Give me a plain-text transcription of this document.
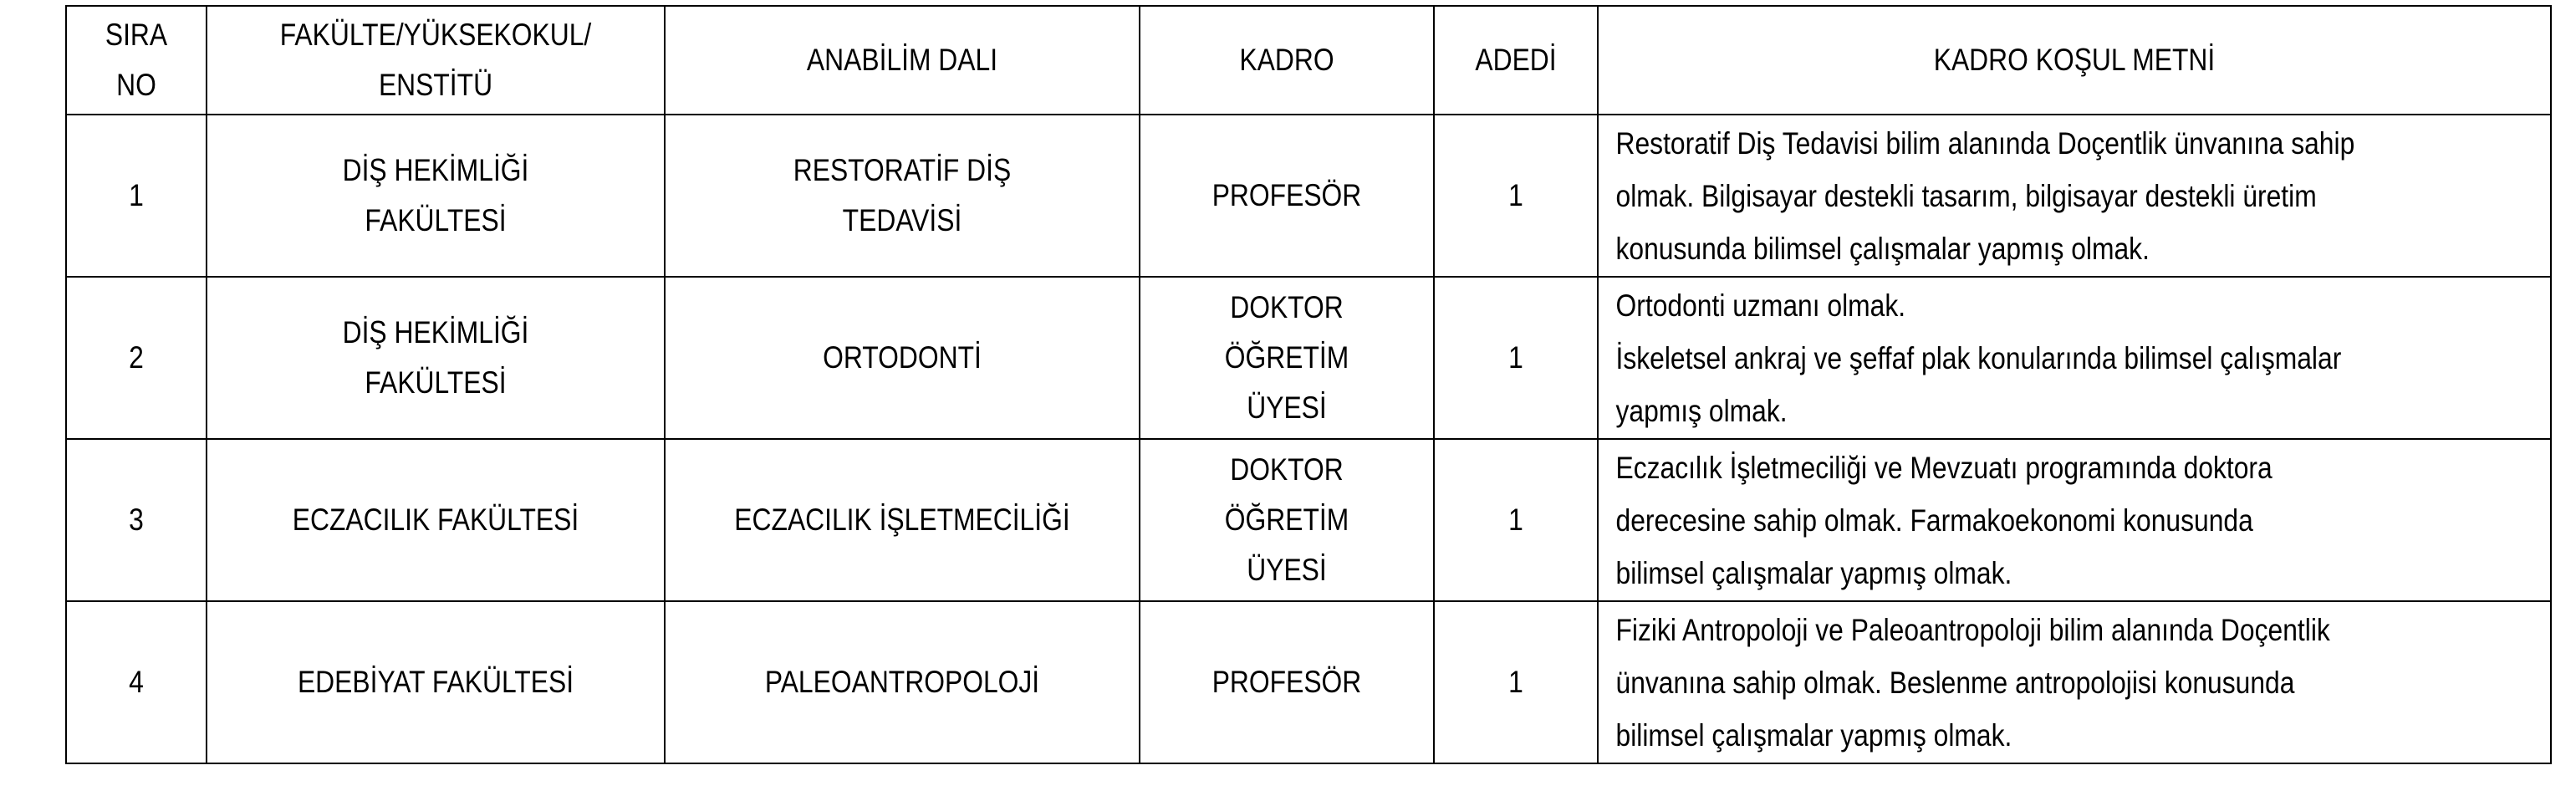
SIRA
NO	FAKÜLTE/YÜKSEKOKUL/
ENSTİTÜ	ANABİLİM DALI	KADRO	ADEDİ	KADRO KOŞUL METNİ
1	DİŞ HEKİMLİĞİ
FAKÜLTESİ	RESTORATİF DİŞ
TEDAVİSİ	PROFESÖR	1	Restoratif Diş Tedavisi bilim alanında Doçentlik ünvanına sahip
olmak. Bilgisayar destekli tasarım, bilgisayar destekli üretim
konusunda bilimsel çalışmalar yapmış olmak.
2	DİŞ HEKİMLİĞİ
FAKÜLTESİ	ORTODONTİ	DOKTOR
ÖĞRETİM
ÜYESİ	1	Ortodonti uzmanı olmak.
İskeletsel ankraj ve şeffaf plak konularında bilimsel çalışmalar
yapmış olmak.
3	ECZACILIK FAKÜLTESİ	ECZACILIK İŞLETMECİLİĞİ	DOKTOR
ÖĞRETİM
ÜYESİ	1	Eczacılık İşletmeciliği ve Mevzuatı programında doktora
derecesine sahip olmak. Farmakoekonomi konusunda
bilimsel çalışmalar yapmış olmak.
4	EDEBİYAT FAKÜLTESİ	PALEOANTROPOLOJİ	PROFESÖR	1	Fiziki Antropoloji ve Paleoantropoloji bilim alanında Doçentlik
ünvanına sahip olmak. Beslenme antropolojisi konusunda
bilimsel çalışmalar yapmış olmak.
